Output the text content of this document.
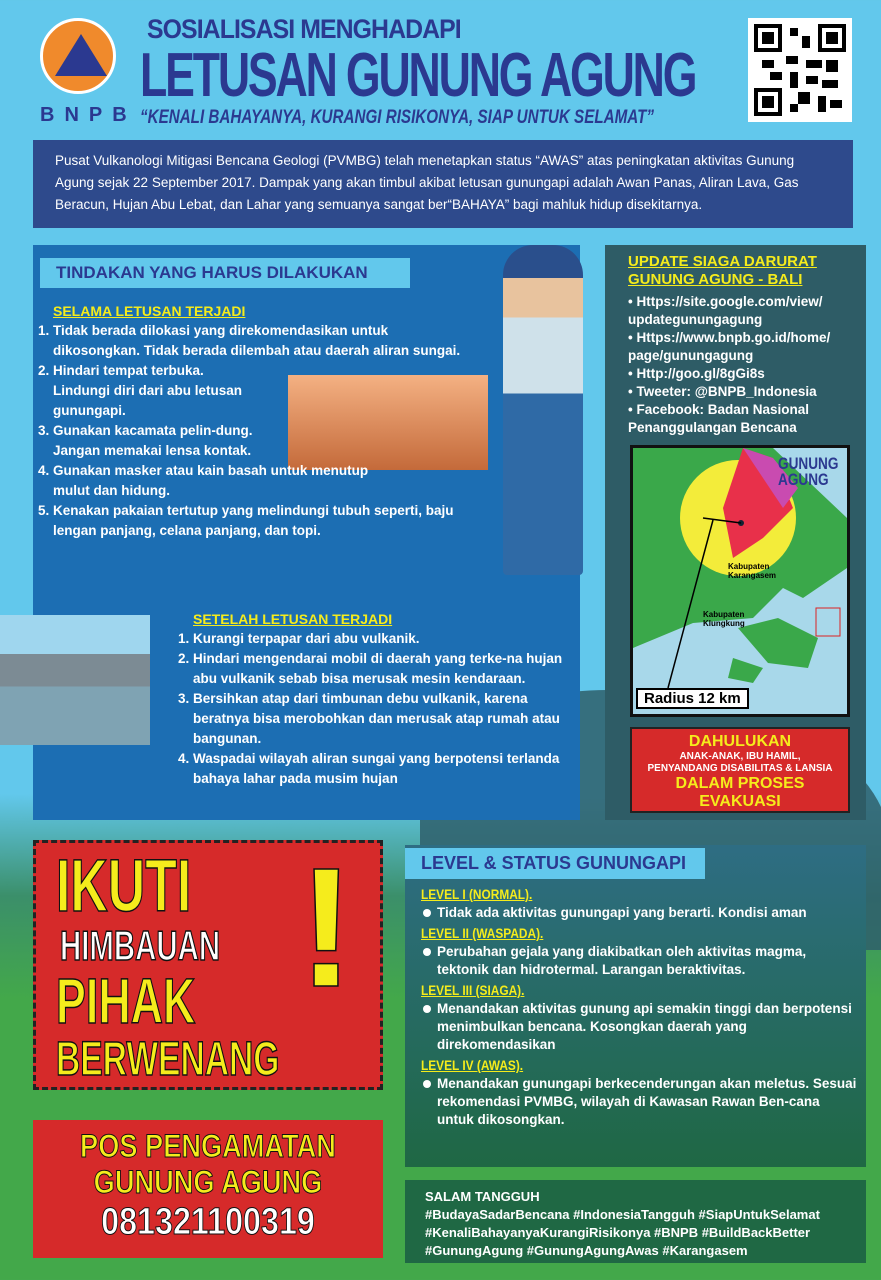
BNPB
SOSIALISASI MENGHADAPI
LETUSAN GUNUNG AGUNG
“KENALI BAHAYANYA, KURANGI RISIKONYA, SIAP UNTUK SELAMAT”
Pusat Vulkanologi Mitigasi Bencana Geologi (PVMBG) telah menetapkan status “AWAS” atas peningkatan aktivitas Gunung Agung sejak 22 September 2017. Dampak yang akan timbul akibat letusan gunungapi adalah Awan Panas, Aliran Lava, Gas Beracun, Hujan Abu Lebat, dan Lahar yang semuanya sangat ber“BAHAYA” bagi mahluk hidup disekitarnya.
TINDAKAN YANG HARUS DILAKUKAN
SELAMA LETUSAN TERJADI
1. Tidak berada dilokasi yang direkomendasikan untuk dikosongkan. Tidak berada dilembah atau daerah aliran sungai.
2. Hindari tempat terbuka. Lindungi diri dari abu letusan gunungapi.
3. Gunakan kacamata pelin-dung. Jangan memakai lensa kontak.
4. Gunakan masker atau kain basah untuk menutup mulut dan hidung.
5. Kenakan pakaian tertutup yang melindungi tubuh seperti, baju lengan panjang, celana panjang, dan topi.
SETELAH LETUSAN TERJADI
1. Kurangi terpapar dari abu vulkanik.
2. Hindari mengendarai mobil di daerah yang terke-na hujan abu vulkanik sebab bisa merusak mesin kendaraan.
3. Bersihkan atap dari timbunan debu vulkanik, karena beratnya bisa merobohkan dan merusak atap rumah atau bangunan.
4. Waspadai wilayah aliran sungai yang berpotensi terlanda bahaya lahar pada musim hujan
UPDATE SIAGA DARURAT
GUNUNG AGUNG - BALI
• Https://site.google.com/view/ updategunungagung
• Https://www.bnpb.go.id/home/ page/gunungagung
• Http://goo.gl/8gGi8s
• Tweeter: @BNPB_Indonesia
• Facebook: Badan Nasional Penanggulangan Bencana
GUNUNG
AGUNG
Kabupaten Karangasem
Kabupaten Klungkung
Radius 12 km
DAHULUKAN
ANAK-ANAK, IBU HAMIL,
PENYANDANG DISABILITAS & LANSIA
DALAM PROSES
EVAKUASI
IKUTI
HIMBAUAN
PIHAK
BERWENANG
!
POS PENGAMATAN
GUNUNG AGUNG
081321100319
LEVEL & STATUS GUNUNGAPI
LEVEL I (NORMAL).
Tidak ada aktivitas gunungapi yang berarti. Kondisi aman
LEVEL II (WASPADA).
Perubahan gejala yang diakibatkan oleh aktivitas magma, tektonik dan hidrotermal. Larangan beraktivitas.
LEVEL III (SIAGA).
Menandakan aktivitas gunung api semakin tinggi dan berpotensi menimbulkan bencana. Kosongkan daerah yang direkomendasikan
LEVEL IV (AWAS).
Menandakan gunungapi berkecenderungan akan meletus. Sesuai rekomendasi PVMBG, wilayah di Kawasan Rawan Ben-cana untuk dikosongkan.
SALAM TANGGUH
#BudayaSadarBencana #IndonesiaTangguh #SiapUntukSelamat
#KenaliBahayanyaKurangiRisikonya #BNPB #BuildBackBetter
#GunungAgung #GunungAgungAwas #Karangasem
